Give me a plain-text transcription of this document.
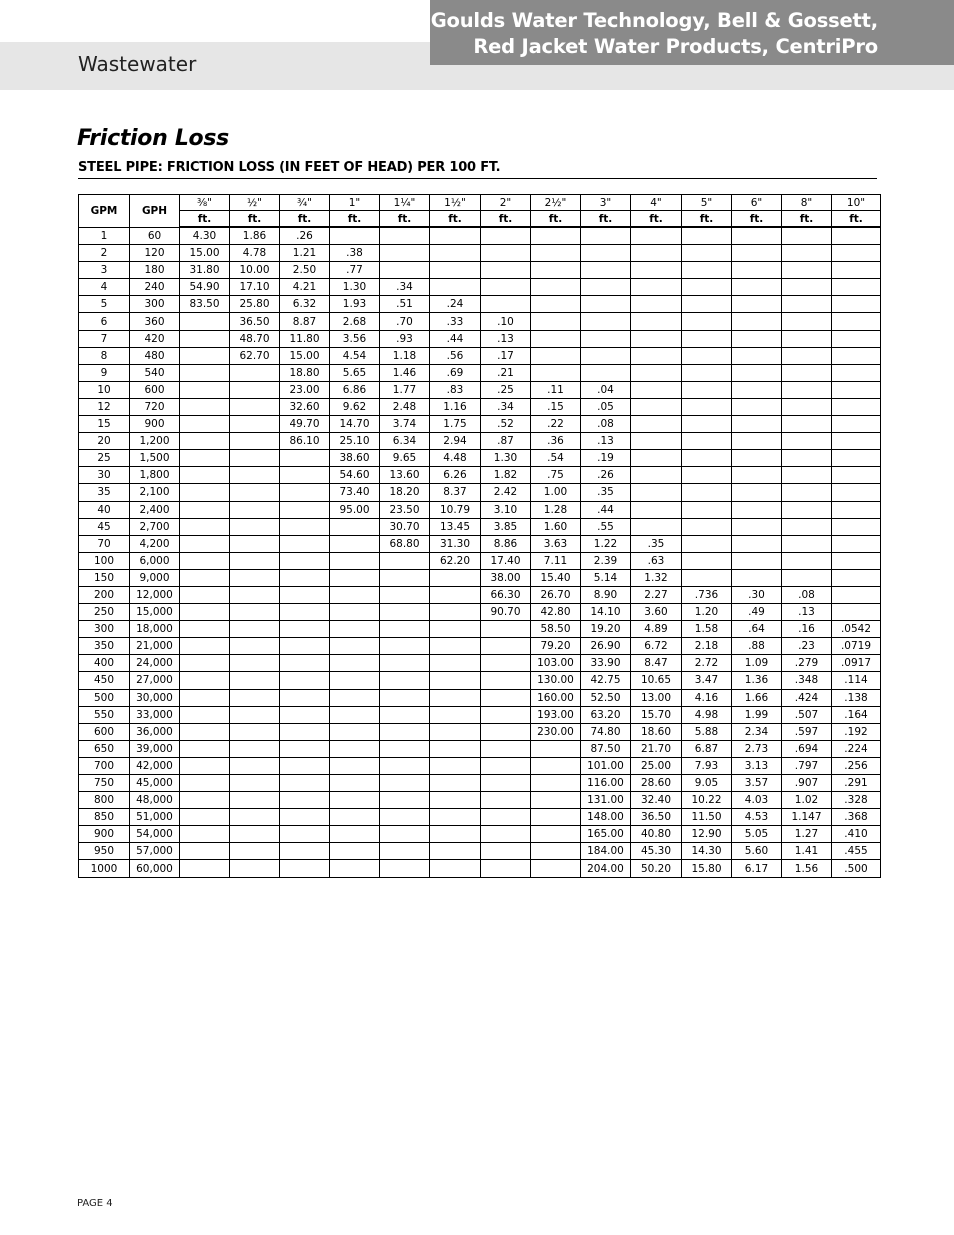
Wastewater
Goulds Water Technology, Bell & Gossett,
Red Jacket Water Products, CentriPro
Friction Loss
STEEL PIPE: FRICTION LOSS (IN FEET OF HEAD) PER 100 FT.
GPM	GPH	⅜"	½"	¾"	1"	1¼"	1½"	2"	2½"	3"	4"	5"	6"	8"	10"
		ft.	ft.	ft.	ft.	ft.	ft.	ft.	ft.	ft.	ft.	ft.	ft.	ft.	ft.
1	60	4.30	1.86	.26											
2	120	15.00	4.78	1.21	.38										
3	180	31.80	10.00	2.50	.77										
4	240	54.90	17.10	4.21	1.30	.34									
5	300	83.50	25.80	6.32	1.93	.51	.24								
6	360		36.50	8.87	2.68	.70	.33	.10							
7	420		48.70	11.80	3.56	.93	.44	.13							
8	480		62.70	15.00	4.54	1.18	.56	.17							
9	540			18.80	5.65	1.46	.69	.21							
10	600			23.00	6.86	1.77	.83	.25	.11	.04					
12	720			32.60	9.62	2.48	1.16	.34	.15	.05					
15	900			49.70	14.70	3.74	1.75	.52	.22	.08					
20	1,200			86.10	25.10	6.34	2.94	.87	.36	.13					
25	1,500				38.60	9.65	4.48	1.30	.54	.19					
30	1,800				54.60	13.60	6.26	1.82	.75	.26					
35	2,100				73.40	18.20	8.37	2.42	1.00	.35					
40	2,400				95.00	23.50	10.79	3.10	1.28	.44					
45	2,700					30.70	13.45	3.85	1.60	.55					
70	4,200					68.80	31.30	8.86	3.63	1.22	.35				
100	6,000						62.20	17.40	7.11	2.39	.63				
150	9,000							38.00	15.40	5.14	1.32				
200	12,000							66.30	26.70	8.90	2.27	.736	.30	.08	
250	15,000							90.70	42.80	14.10	3.60	1.20	.49	.13	
300	18,000								58.50	19.20	4.89	1.58	.64	.16	.0542
350	21,000								79.20	26.90	6.72	2.18	.88	.23	.0719
400	24,000								103.00	33.90	8.47	2.72	1.09	.279	.0917
450	27,000								130.00	42.75	10.65	3.47	1.36	.348	.114
500	30,000								160.00	52.50	13.00	4.16	1.66	.424	.138
550	33,000								193.00	63.20	15.70	4.98	1.99	.507	.164
600	36,000								230.00	74.80	18.60	5.88	2.34	.597	.192
650	39,000									87.50	21.70	6.87	2.73	.694	.224
700	42,000									101.00	25.00	7.93	3.13	.797	.256
750	45,000									116.00	28.60	9.05	3.57	.907	.291
800	48,000									131.00	32.40	10.22	4.03	1.02	.328
850	51,000									148.00	36.50	11.50	4.53	1.147	.368
900	54,000									165.00	40.80	12.90	5.05	1.27	.410
950	57,000									184.00	45.30	14.30	5.60	1.41	.455
1000	60,000									204.00	50.20	15.80	6.17	1.56	.500
PAGE 4
